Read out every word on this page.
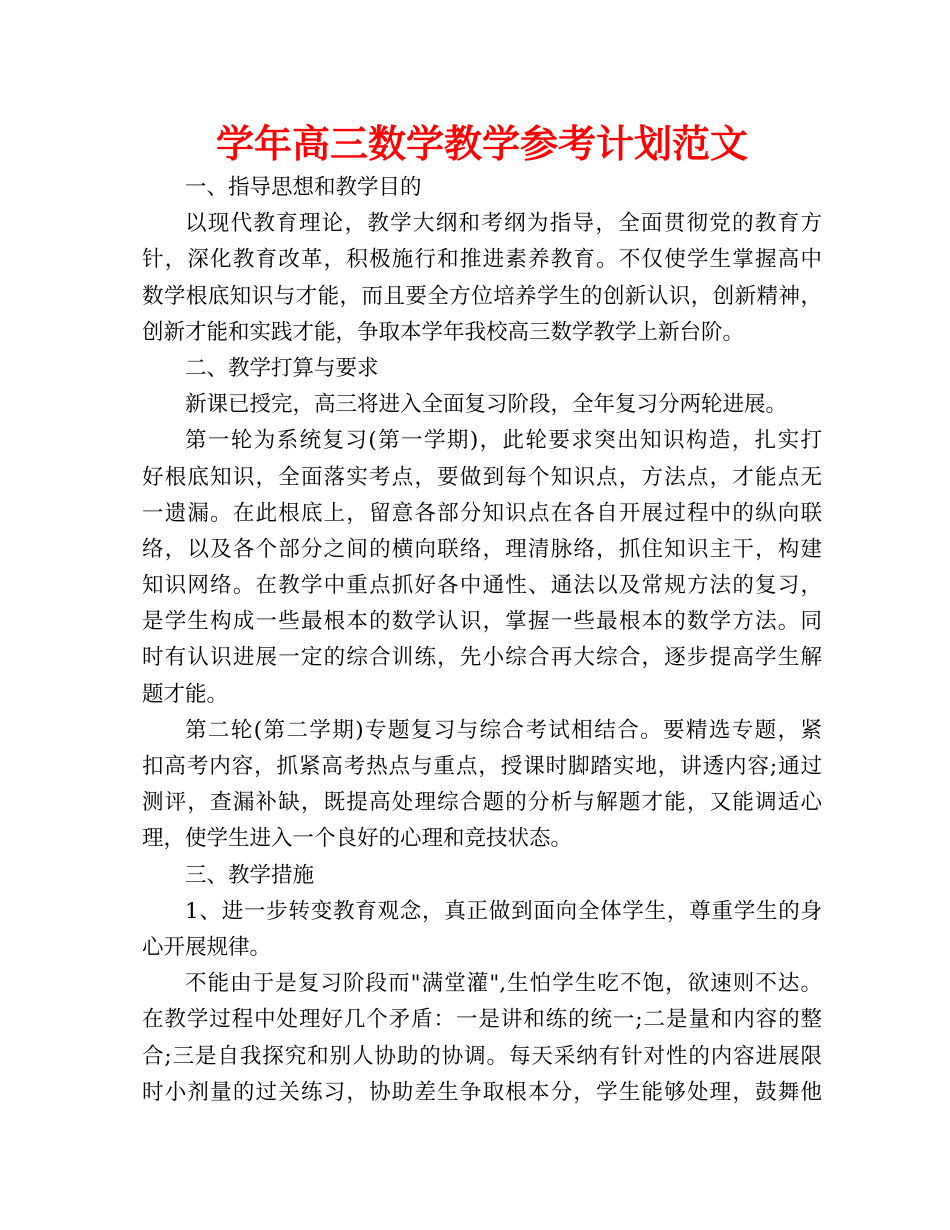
学年高三数学教学参考计划范文
一、指导思想和教学目的
以现代教育理论，教学大纲和考纲为指导，全面贯彻党的教育方
针，深化教育改革，积极施行和推进素养教育。不仅使学生掌握高中
数学根底知识与才能，而且要全方位培养学生的创新认识，创新精神，
创新才能和实践才能，争取本学年我校高三数学教学上新台阶。
二、教学打算与要求
新课已授完，高三将进入全面复习阶段，全年复习分两轮进展。
第一轮为系统复习(第一学期)，此轮要求突出知识构造，扎实打
好根底知识，全面落实考点，要做到每个知识点，方法点，才能点无
一遗漏。在此根底上，留意各部分知识点在各自开展过程中的纵向联
络，以及各个部分之间的横向联络，理清脉络，抓住知识主干，构建
知识网络。在教学中重点抓好各中通性、通法以及常规方法的复习，
是学生构成一些最根本的数学认识，掌握一些最根本的数学方法。同
时有认识进展一定的综合训练，先小综合再大综合，逐步提高学生解
题才能。
第二轮(第二学期)专题复习与综合考试相结合。要精选专题，紧
扣高考内容，抓紧高考热点与重点，授课时脚踏实地，讲透内容;通过
测评，查漏补缺，既提高处理综合题的分析与解题才能，又能调适心
理，使学生进入一个良好的心理和竞技状态。
三、教学措施
1、进一步转变教育观念，真正做到面向全体学生，尊重学生的身
心开展规律。
不能由于是复习阶段而"满堂灌",生怕学生吃不饱，欲速则不达。
在教学过程中处理好几个矛盾：一是讲和练的统一;二是量和内容的整
合;三是自我探究和别人协助的协调。每天采纳有针对性的内容进展限
时小剂量的过关练习，协助差生争取根本分，学生能够处理，鼓舞他
